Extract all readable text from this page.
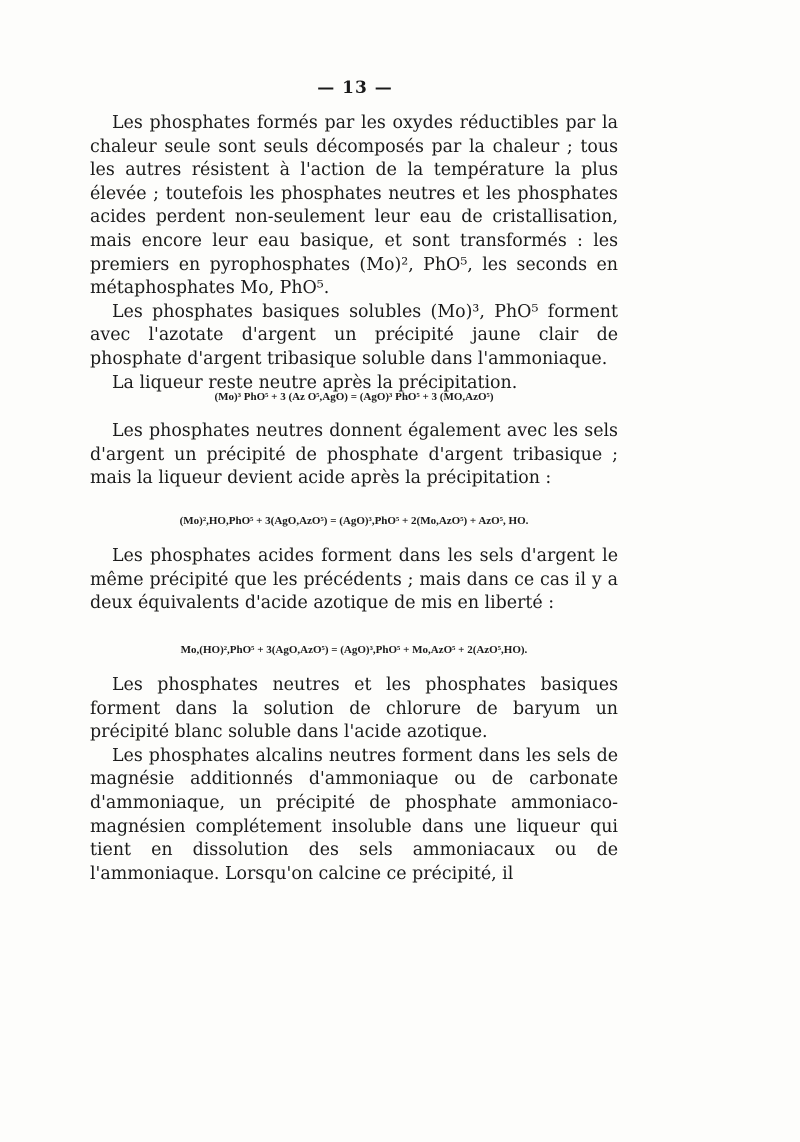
— 13 —

Les phosphates formés par les oxydes réductibles par la chaleur seule sont seuls décomposés par la chaleur ; tous les autres résistent à l'action de la température la plus élevée ; toutefois les phosphates neutres et les phosphates acides perdent non-seulement leur eau de cristallisation, mais encore leur eau basique, et sont transformés : les premiers en pyrophosphates (Mo)², PhO⁵, les seconds en métaphosphates Mo, PhO⁵.

Les phosphates basiques solubles (Mo)³, PhO⁵ forment avec l'azotate d'argent un précipité jaune clair de phosphate d'argent tribasique soluble dans l'ammoniaque.

La liqueur reste neutre après la précipitation.

(Mo)³ PhO⁵ + 3 (Az O⁵,AgO) = (AgO)³ PhO⁵ + 3 (MO,AzO⁵)

Les phosphates neutres donnent également avec les sels d'argent un précipité de phosphate d'argent tribasique ; mais la liqueur devient acide après la précipitation :

(Mo)²,HO,PhO⁵ + 3(AgO,AzO⁵) = (AgO)³,PhO⁵ + 2(Mo,AzO⁵) + AzO⁵, HO.

Les phosphates acides forment dans les sels d'argent le même précipité que les précédents ; mais dans ce cas il y a deux équivalents d'acide azotique de mis en liberté :

Mo,(HO)²,PhO⁵ + 3(AgO,AzO⁵) = (AgO)³,PhO⁵ + Mo,AzO⁵ + 2(AzO⁵,HO).

Les phosphates neutres et les phosphates basiques forment dans la solution de chlorure de baryum un précipité blanc soluble dans l'acide azotique.

Les phosphates alcalins neutres forment dans les sels de magnésie additionnés d'ammoniaque ou de carbonate d'ammoniaque, un précipité de phosphate ammoniaco-magnésien complétement insoluble dans une liqueur qui tient en dissolution des sels ammoniacaux ou de l'ammoniaque. Lorsqu'on calcine ce précipité, il
